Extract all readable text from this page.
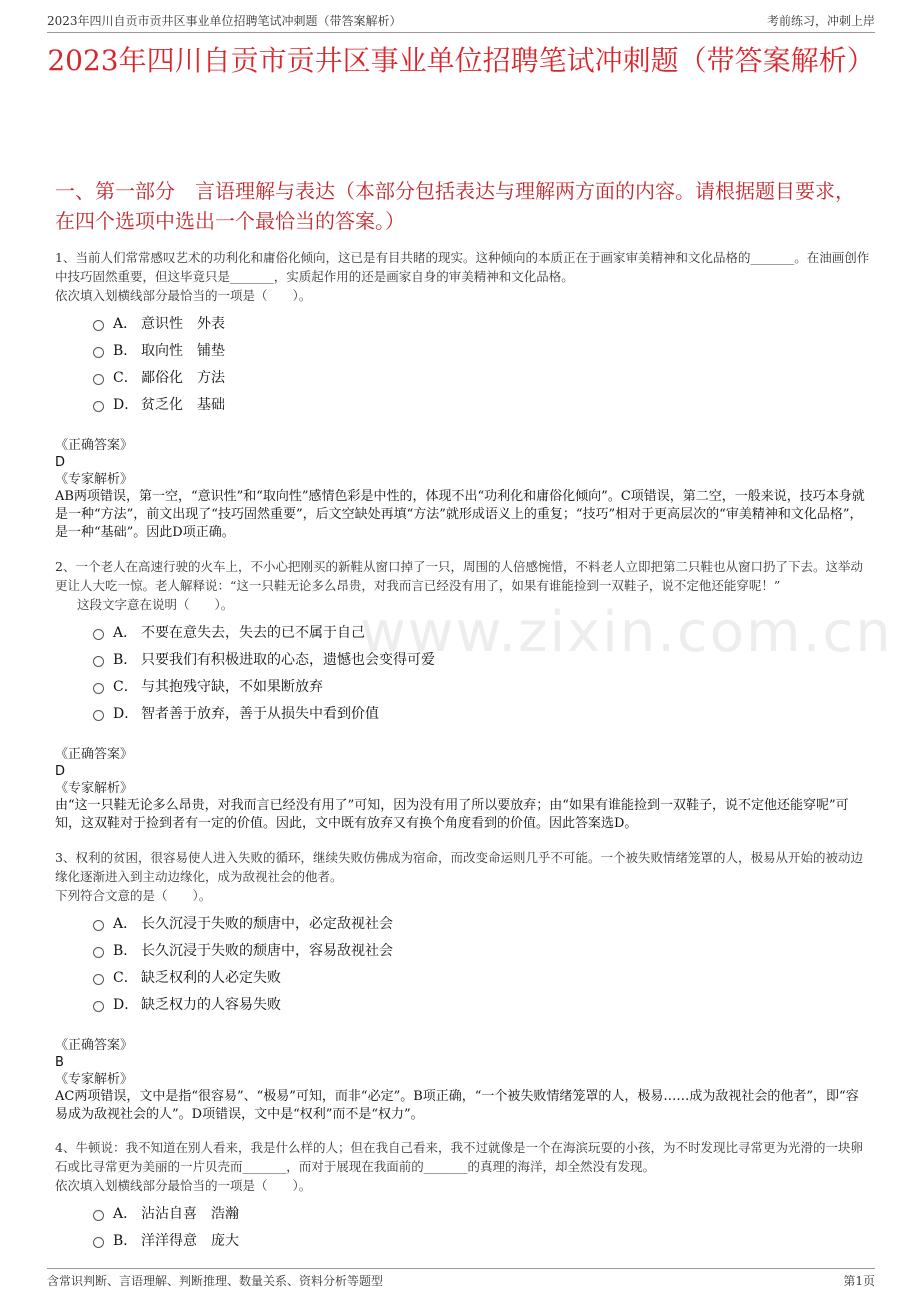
2023年四川自贡市贡井区事业单位招聘笔试冲刺题（带答案解析）	考前练习，冲刺上岸
2023年四川自贡市贡井区事业单位招聘笔试冲刺题（带答案解析）
一、第一部分　言语理解与表达（本部分包括表达与理解两方面的内容。请根据题目要求，在四个选项中选出一个最恰当的答案。）
www.zixin.com.cn
1、当前人们常常感叹艺术的功利化和庸俗化倾向，这已是有目共睹的现实。这种倾向的本质正在于画家审美精神和文化品格的_______。在油画创作中技巧固然重要，但这毕竟只是_______，实质起作用的还是画家自身的审美精神和文化品格。
依次填入划横线部分最恰当的一项是（　　）。
A． 意识性　外表
B． 取向性　铺垫
C． 鄙俗化　方法
D． 贫乏化　基础
《正确答案》
D
《专家解析》
AB两项错误，第一空，“意识性”和“取向性”感情色彩是中性的，体现不出“功利化和庸俗化倾向”。C项错误，第二空，一般来说，技巧本身就是一种“方法”，前文出现了“技巧固然重要”，后文空缺处再填“方法”就形成语义上的重复；“技巧”相对于更高层次的“审美精神和文化品格”，是一种“基础”。因此D项正确。
2、一个老人在高速行驶的火车上，不小心把刚买的新鞋从窗口掉了一只，周围的人倍感惋惜，不料老人立即把第二只鞋也从窗口扔了下去。这举动更让人大吃一惊。老人解释说：“这一只鞋无论多么昂贵，对我而言已经没有用了，如果有谁能捡到一双鞋子，说不定他还能穿呢！”
这段文字意在说明（　　）。
A． 不要在意失去，失去的已不属于自己
B． 只要我们有积极进取的心态，遗憾也会变得可爱
C． 与其抱残守缺，不如果断放弃
D． 智者善于放弃，善于从损失中看到价值
《正确答案》
D
《专家解析》
由“这一只鞋无论多么昂贵，对我而言已经没有用了”可知，因为没有用了所以要放弃；由“如果有谁能捡到一双鞋子，说不定他还能穿呢”可知，这双鞋对于捡到者有一定的价值。因此，文中既有放弃又有换个角度看到的价值。因此答案选D。
3、权利的贫困，很容易使人进入失败的循环，继续失败仿佛成为宿命，而改变命运则几乎不可能。一个被失败情绪笼罩的人，极易从开始的被动边缘化逐渐进入到主动边缘化，成为敌视社会的他者。
下列符合文意的是（　　）。
A． 长久沉浸于失败的颓唐中，必定敌视社会
B． 长久沉浸于失败的颓唐中，容易敌视社会
C． 缺乏权利的人必定失败
D． 缺乏权力的人容易失败
《正确答案》
B
《专家解析》
AC两项错误，文中是指“很容易”、“极易”可知，而非“必定”。B项正确，“一个被失败情绪笼罩的人，极易……成为敌视社会的他者”，即“容易成为敌视社会的人”。D项错误，文中是“权利”而不是“权力”。
4、牛顿说：我不知道在别人看来，我是什么样的人；但在我自己看来，我不过就像是一个在海滨玩耍的小孩，为不时发现比寻常更为光滑的一块卵石或比寻常更为美丽的一片贝壳而_______，而对于展现在我面前的_______的真理的海洋，却全然没有发现。
依次填入划横线部分最恰当的一项是（　　）。
A． 沾沾自喜　浩瀚
B． 洋洋得意　庞大
含常识判断、言语理解、判断推理、数量关系、资料分析等题型	第1页
